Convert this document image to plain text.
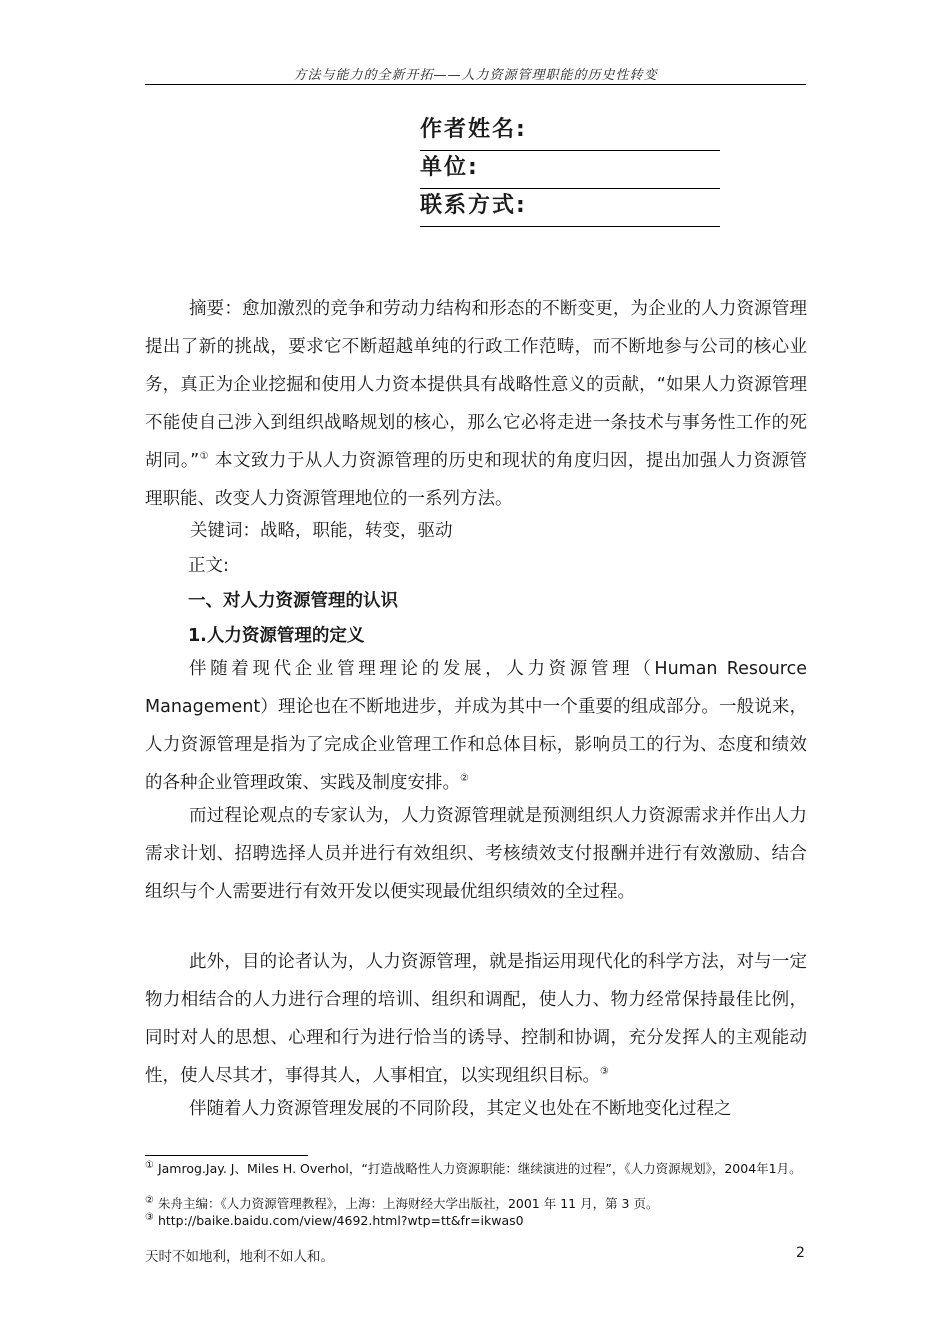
方法与能力的全新开拓——人力资源管理职能的历史性转变
作者姓名:
单位:
联系方式:
摘要：愈加激烈的竞争和劳动力结构和形态的不断变更，为企业的人力资源管理提出了新的挑战，要求它不断超越单纯的行政工作范畴，而不断地参与公司的核心业务，真正为企业挖掘和使用人力资本提供具有战略性意义的贡献，“如果人力资源管理不能使自己涉入到组织战略规划的核心，那么它必将走进一条技术与事务性工作的死胡同。”① 本文致力于从人力资源管理的历史和现状的角度归因，提出加强人力资源管理职能、改变人力资源管理地位的一系列方法。
关键词：战略，职能，转变，驱动
正文:
一、对人力资源管理的认识
1.人力资源管理的定义
伴随着现代企业管理理论的发展，人力资源管理（Human Resource Management）理论也在不断地进步，并成为其中一个重要的组成部分。一般说来，人力资源管理是指为了完成企业管理工作和总体目标，影响员工的行为、态度和绩效的各种企业管理政策、实践及制度安排。②
而过程论观点的专家认为，人力资源管理就是预测组织人力资源需求并作出人力需求计划、招聘选择人员并进行有效组织、考核绩效支付报酬并进行有效激励、结合组织与个人需要进行有效开发以便实现最优组织绩效的全过程。
此外，目的论者认为，人力资源管理，就是指运用现代化的科学方法，对与一定物力相结合的人力进行合理的培训、组织和调配，使人力、物力经常保持最佳比例，同时对人的思想、心理和行为进行恰当的诱导、控制和协调，充分发挥人的主观能动性，使人尽其才，事得其人，人事相宜，以实现组织目标。③
伴随着人力资源管理发展的不同阶段，其定义也处在不断地变化过程之
① Jamrog.Jay. J、Miles H. Overhol，“打造战略性人力资源职能：继续演进的过程”，《人力资源规划》，2004年1月。
② 朱舟主编：《人力资源管理教程》，上海：上海财经大学出版社，2001 年 11 月，第 3 页。
③ http://baike.baidu.com/view/4692.html?wtp=tt&fr=ikwas0
天时不如地利，地利不如人和。	2
